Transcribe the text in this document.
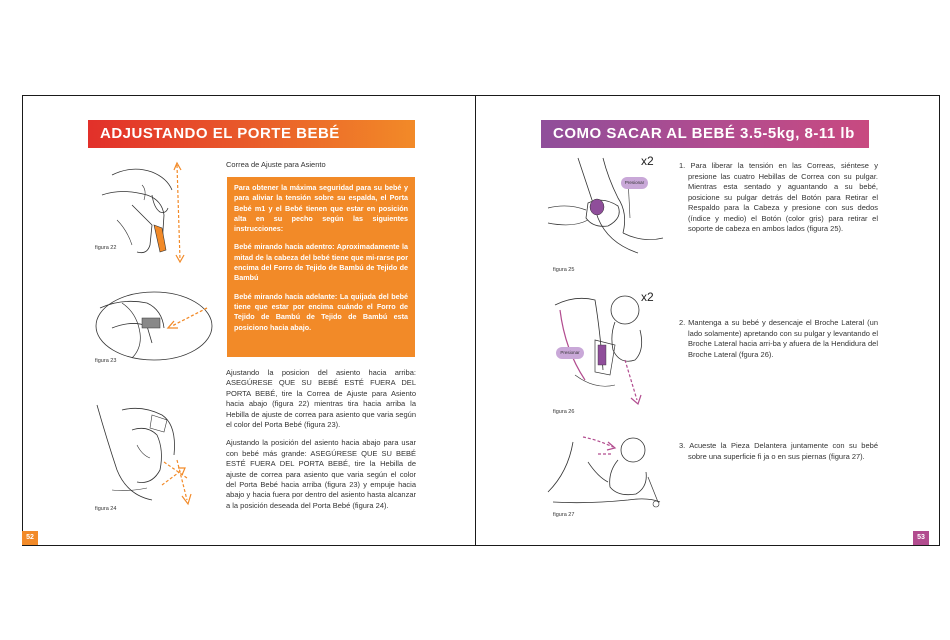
ADJUSTANDO EL PORTE BEBÉ
figura 22
figura 23
figura 24
Correa de Ajuste para Asiento

Para obtener la máxima seguridad para su bebé y para aliviar la tensión sobre su espalda, el Porta Bebé m1 y el Bebé tienen que estar en posición alta en su pecho según las siguientes instrucciones:

Bebé mirando hacia adentro: Aproximadamente la mitad de la cabeza del bebé tiene que mi-rarse por encima del Forro de Tejido de Bambú de Tejido de Bambú

Bebé mirando hacia adelante: La quijada del bebé tiene que estar por encima cuándo el Forro de Tejido de Bambú de Tejido de Bambú esta posiciono hacia abajo.

Ajustando la posicion del asiento hacia arriba: ASEGÚRESE QUE SU BEBÉ ESTÉ FUERA DEL PORTA BEBÉ, tire la Correa de Ajuste para Asiento hacia abajo (figura 22) mientras tira hacia arriba la Hebilla de ajuste de correa para asiento que varia según el color del Porta Bebé (figura 23).

Ajustando la posición del asiento hacia abajo para usar con bebé más grande: ASEGÚRESE QUE SU BEBÉ ESTÉ FUERA DEL PORTA BEBÉ, tire la Hebilla de ajuste de correa para asiento que varia según el color del Porta Bebé hacia arriba (figura 23) y empuje hacia abajo y hacia fuera por dentro del asiento hasta alcanzar a la posición deseada del Porta Bebé (figura 24).

52
COMO SACAR AL BEBÉ 3.5-5kg, 8-11 lb
Presionar
x2
figura 25
Presionar
x2
figura 26
figura 27
1. Para liberar la tensión en las Correas, siéntese y presione las cuatro Hebillas de Correa con su pulgar. Mientras esta sentado y aguantando a su bebé, posicione su pulgar detrás del Botón para Retirar el Respaldo para la Cabeza y presione con sus dedos (índice y medio) el Botón (color gris) para retirar el soporte de cabeza en ambos lados (figura 25).
2. Mantenga a su bebé y desencaje el Broche Lateral (un lado solamente) apretando con su pulgar y levantando el Broche Lateral hacia arri-ba y afuera de la Hendidura del Broche Lateral (fgura 26).
3. Acueste la Pieza Delantera juntamente con su bebé sobre una superficie fi ja o en sus piernas (figura 27).
53
